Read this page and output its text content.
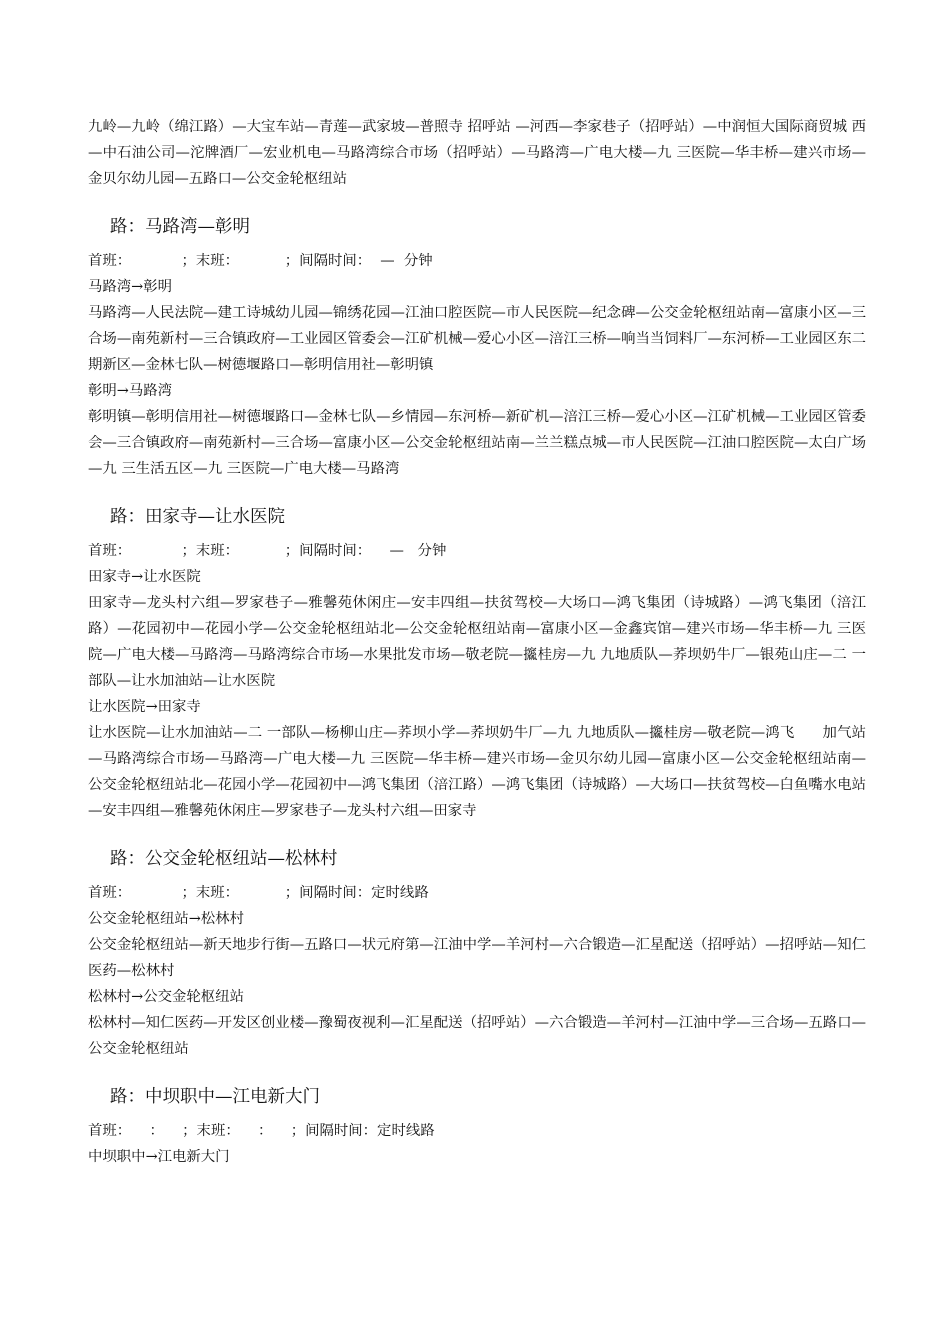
九岭—九岭（绵江路）—大宝车站—青莲—武家坡—普照寺 招呼站 —河西—李家巷子（招呼站）—中润恒大国际商贸城 西 —中石油公司—沱牌酒厂—宏业机电—马路湾综合市场（招呼站）—马路湾—广电大楼—九 三医院—华丰桥—建兴市场—金贝尔幼儿园—五路口—公交金轮枢纽站
路：马路湾—彰明
首班：           ；末班：          ；间隔时间：  —  分钟
马路湾→彰明
马路湾—人民法院—建工诗城幼儿园—锦绣花园—江油口腔医院—市人民医院—纪念碑—公交金轮枢纽站南—富康小区—三合场—南苑新村—三合镇政府—工业园区管委会—江矿机械—爱心小区—涪江三桥—响当当饲料厂—东河桥—工业园区东二期新区—金林七队—树德堰路口—彰明信用社—彰明镇
彰明→马路湾
彰明镇—彰明信用社—树德堰路口—金林七队—乡情园—东河桥—新矿机—涪江三桥—爱心小区—江矿机械—工业园区管委会—三合镇政府—南苑新村—三合场—富康小区—公交金轮枢纽站南—兰兰糕点城—市人民医院—江油口腔医院—太白广场—九 三生活五区—九 三医院—广电大楼—马路湾
路：田家寺—让水医院
首班：           ；末班：          ；间隔时间：    —   分钟
田家寺→让水医院
田家寺—龙头村六组—罗家巷子—雅馨苑休闲庄—安丰四组—扶贫驾校—大场口—鸿飞集团（诗城路）—鸿飞集团（涪江路）—花园初中—花园小学—公交金轮枢纽站北—公交金轮枢纽站南—富康小区—金鑫宾馆—建兴市场—华丰桥—九 三医院—广电大楼—马路湾—马路湾综合市场—水果批发市场—敬老院—攨桂房—九 九地质队—荞坝奶牛厂—银苑山庄—二 一部队—让水加油站—让水医院
让水医院→田家寺
让水医院—让水加油站—二 一部队—杨柳山庄—荞坝小学—荞坝奶牛厂—九 九地质队—攨桂房—敬老院—鸿飞      加气站—马路湾综合市场—马路湾—广电大楼—九 三医院—华丰桥—建兴市场—金贝尔幼儿园—富康小区—公交金轮枢纽站南—公交金轮枢纽站北—花园小学—花园初中—鸿飞集团（涪江路）—鸿飞集团（诗城路）—大场口—扶贫驾校—白鱼嘴水电站—安丰四组—雅馨苑休闲庄—罗家巷子—龙头村六组—田家寺
路：公交金轮枢纽站—松林村
首班：           ；末班：          ；间隔时间：定时线路
公交金轮枢纽站→松林村
公交金轮枢纽站—新天地步行街—五路口—状元府第—江油中学—羊河村—六合锻造—汇星配送（招呼站）—招呼站—知仁医药—松林村
松林村→公交金轮枢纽站
松林村—知仁医药—开发区创业楼—豫蜀夜视利—汇星配送（招呼站）—六合锻造—羊河村—江油中学—三合场—五路口—公交金轮枢纽站
路：中坝职中—江电新大门
首班：    ：    ；末班：    ：    ；间隔时间：定时线路
中坝职中→江电新大门
